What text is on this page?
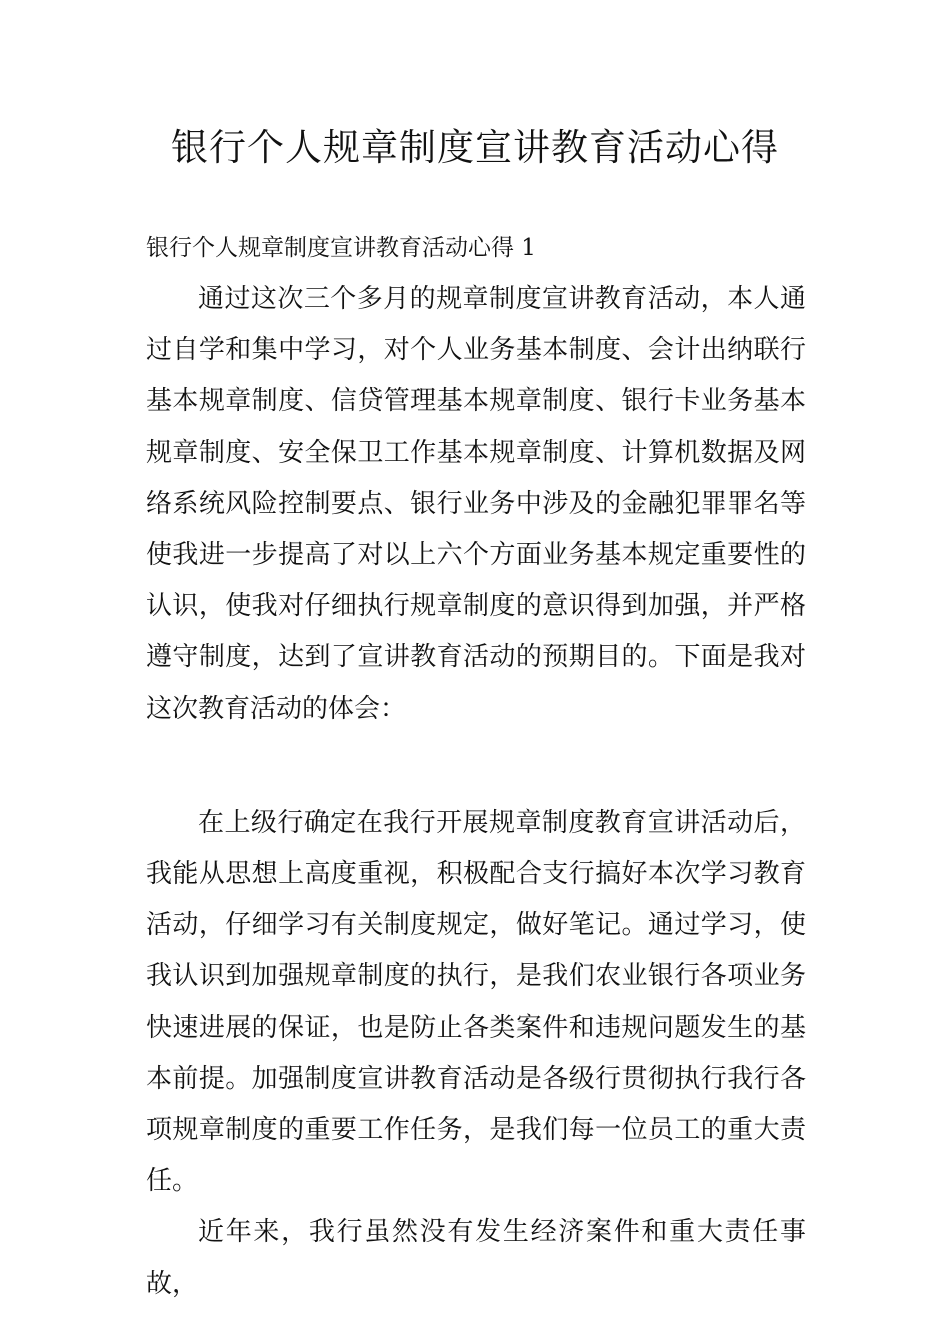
银行个人规章制度宣讲教育活动心得

银行个人规章制度宣讲教育活动心得 1

通过这次三个多月的规章制度宣讲教育活动，本人通过自学和集中学习，对个人业务基本制度、会计出纳联行基本规章制度、信贷管理基本规章制度、银行卡业务基本规章制度、安全保卫工作基本规章制度、计算机数据及网络系统风险控制要点、银行业务中涉及的金融犯罪罪名等使我进一步提高了对以上六个方面业务基本规定重要性的认识，使我对仔细执行规章制度的意识得到加强，并严格遵守制度，达到了宣讲教育活动的预期目的。下面是我对这次教育活动的体会：

在上级行确定在我行开展规章制度教育宣讲活动后，我能从思想上高度重视，积极配合支行搞好本次学习教育活动，仔细学习有关制度规定，做好笔记。通过学习，使我认识到加强规章制度的执行，是我们农业银行各项业务快速进展的保证，也是防止各类案件和违规问题发生的基本前提。加强制度宣讲教育活动是各级行贯彻执行我行各项规章制度的重要工作任务，是我们每一位员工的重大责任。

近年来，我行虽然没有发生经济案件和重大责任事故，
